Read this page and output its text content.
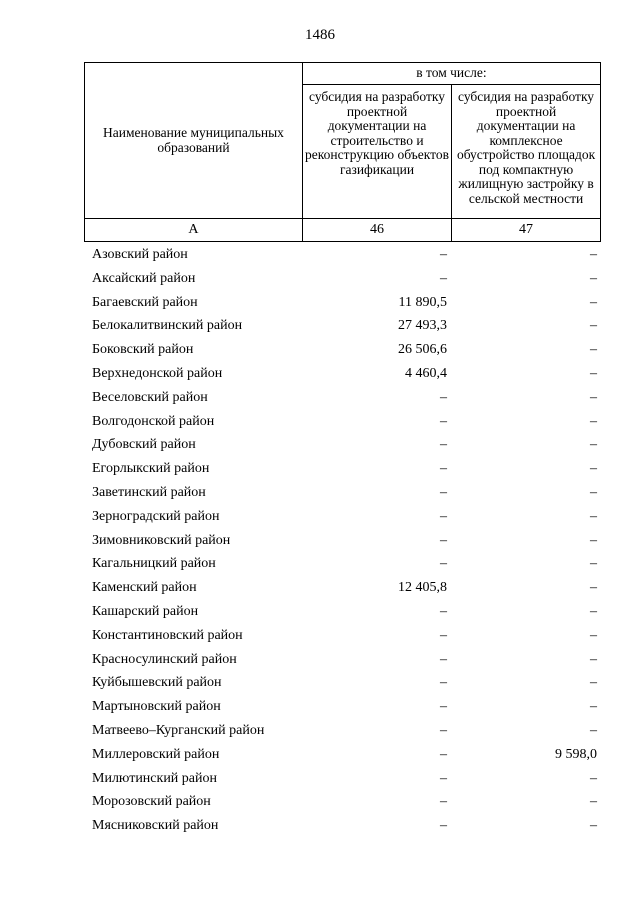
1486
Наименование муниципальных образований	в том числе:	
	субсидия на разработку проектной документации на строительство и реконструкцию объектов газификации	субсидия на разработку проектной документации на комплексное обустройство площадок под компактную жилищную застройку в сельской местности
А	46	47
Азовский район	–	–
Аксайский район	–	–
Багаевский район	11 890,5	–
Белокалитвинский район	27 493,3	–
Боковский район	26 506,6	–
Верхнедонской район	4 460,4	–
Веселовский район	–	–
Волгодонской район	–	–
Дубовский район	–	–
Егорлыкский район	–	–
Заветинский район	–	–
Зерноградский район	–	–
Зимовниковский район	–	–
Кагальницкий район	–	–
Каменский район	12 405,8	–
Кашарский район	–	–
Константиновский район	–	–
Красносулинский район	–	–
Куйбышевский район	–	–
Мартыновский район	–	–
Матвеево–Курганский район	–	–
Миллеровский район	–	9 598,0
Милютинский район	–	–
Морозовский район	–	–
Мясниковский район	–	–
